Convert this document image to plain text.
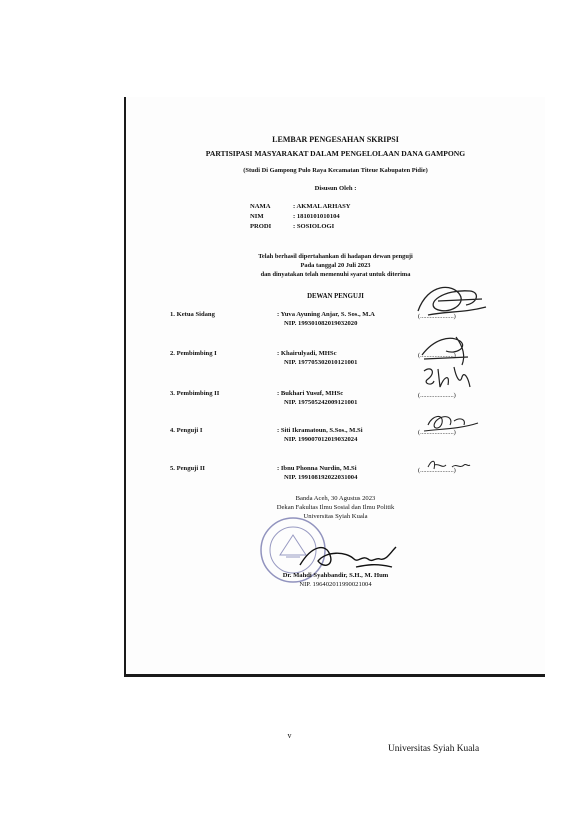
LEMBAR PENGESAHAN SKRIPSI
PARTISIPASI MASYARAKAT DALAM PENGELOLAAN DANA GAMPONG
(Studi Di Gampong Pulo Raya Kecamatan Titeue Kabupaten Pidie)
Disusun Oleh :
NAMA	: AKMAL ARHASY
NIM	: 1810101010104
PRODI	: SOSIOLOGI
Telah berhasil dipertahankan di hadapan dewan penguji
Pada tanggal 20 Juli 2023
dan dinyatakan telah memenuhi syarat untuk diterima
DEWAN PENGUJI
1. Ketua Sidang	: Yuva Ayuning Anjar, S. Sos., M.A
NIP. 199301082019032020
(.....................)
2. Pembimbing I	: Khairulyadi, MHSc
NIP. 197705302010121001
(.....................)
3. Pembimbing II	: Bukhari Yusuf, MHSc
NIP. 197505242009121001
(.....................)
4. Penguji I	: Siti Ikramatoun, S.Sos., M.Si
NIP. 199007012019032024
(.....................)
5. Penguji II	: Ibnu Phonna Nurdin, M.Si
NIP. 199108192022031004
(.....................)
Banda Aceh, 30 Agustus 2023
Dekan Fakultas Ilmu Sosial dan Ilmu Politik
Universitas Syiah Kuala
Dr. Mahdi Syahbandir, S.H., M. Hum
NIP. 196402011990021004
v
Universitas Syiah Kuala
